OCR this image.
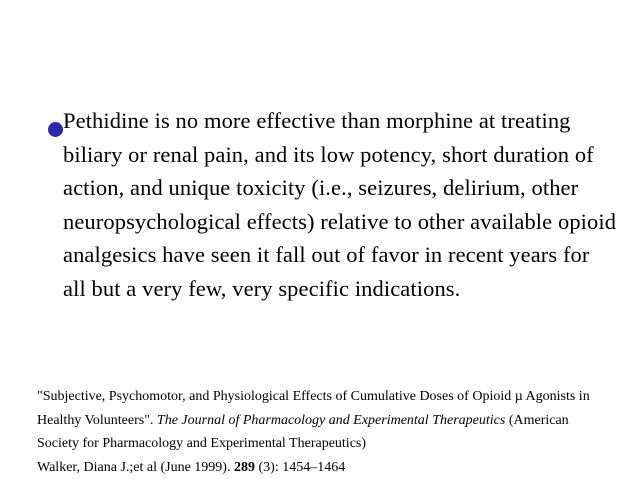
Pethidine is no more effective than morphine at treating biliary or renal pain, and its low potency, short duration of action, and unique toxicity (i.e., seizures, delirium, other neuropsychological effects) relative to other available opioid analgesics have seen it fall out of favor in recent years for all but a very few, very specific indications.

"Subjective, Psychomotor, and Physiological Effects of Cumulative Doses of Opioid µ Agonists in Healthy Volunteers". The Journal of Pharmacology and Experimental Therapeutics (American Society for Pharmacology and Experimental Therapeutics)
Walker, Diana J.;et al (June 1999). 289 (3): 1454–1464
